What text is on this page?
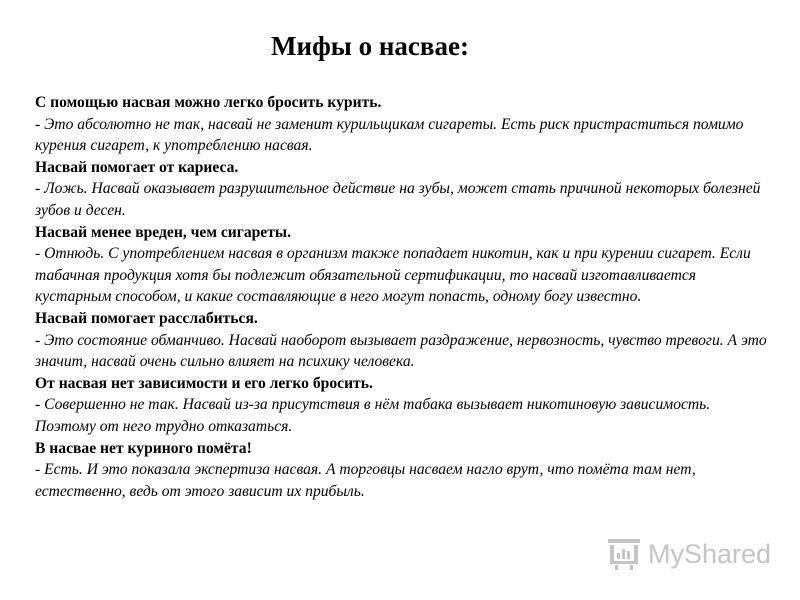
Мифы о насвае:

С помощью насвая можно легко бросить курить.

- Это абсолютно не так, насвай не заменит курильщикам сигареты. Есть риск пристраститься помимо курения сигарет, к употреблению насвая.

Насвай помогает от кариеса.

- Ложь. Насвай оказывает разрушительное действие на зубы, может стать причиной некоторых болезней зубов и десен.

Насвай менее вреден, чем сигареты.

- Отнюдь. С употреблением насвая в организм также попадает никотин, как и при курении сигарет. Если табачная продукция хотя бы подлежит обязательной сертификации, то насвай изготавливается кустарным способом, и какие составляющие в него могут попасть, одному богу известно.

Насвай помогает расслабиться.

- Это состояние обманчиво. Насвай наоборот вызывает раздражение, нервозность, чувство тревоги. А это значит, насвай очень сильно влияет на психику человека.

От насвая нет зависимости и его легко бросить.

- Совершенно не так. Насвай из-за присутствия в нём табака вызывает никотиновую зависимость. Поэтому от него трудно отказаться.

В насвае нет куриного помёта!

- Есть. И это показала экспертиза насвая. А торговцы насваем нагло врут, что помёта там нет, естественно, ведь от этого зависит их прибыль.

MyShared
